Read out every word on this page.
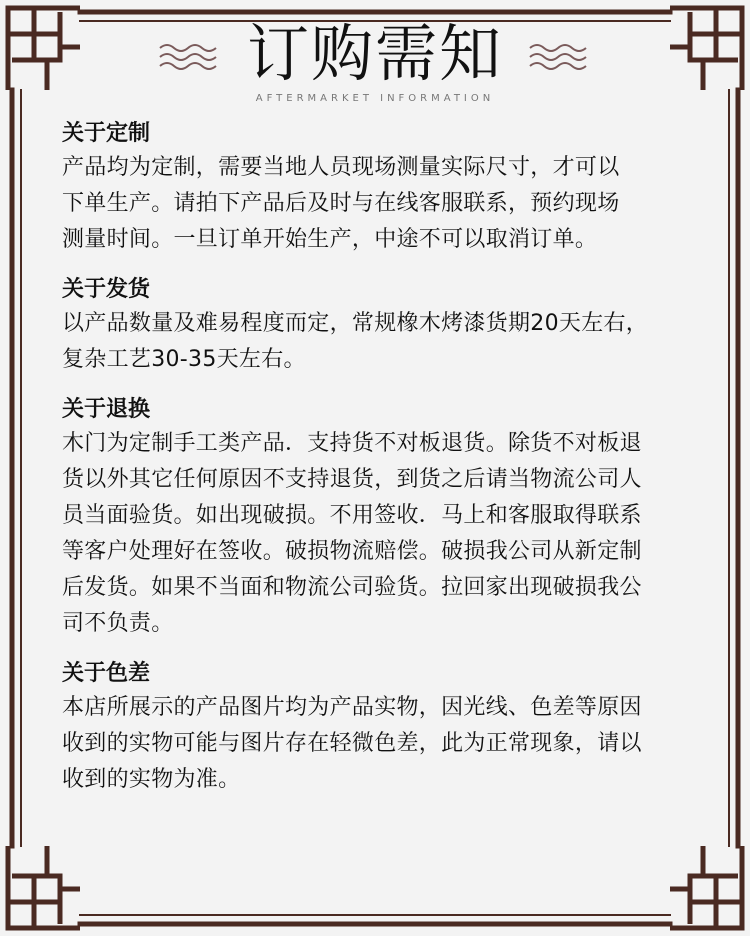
订购需知
AFTERMARKET INFORMATION
关于定制
产品均为定制，需要当地人员现场测量实际尺寸，才可以
下单生产。请拍下产品后及时与在线客服联系，预约现场
测量时间。一旦订单开始生产，中途不可以取消订单。
关于发货
以产品数量及难易程度而定，常规橡木烤漆货期20天左右，
复杂工艺30-35天左右。
关于退换
木门为定制手工类产品．支持货不对板退货。除货不对板退
货以外其它任何原因不支持退货，到货之后请当物流公司人
员当面验货。如出现破损。不用签收．马上和客服取得联系
等客户处理好在签收。破损物流赔偿。破损我公司从新定制
后发货。如果不当面和物流公司验货。拉回家出现破损我公
司不负责。
关于色差
本店所展示的产品图片均为产品实物，因光线、色差等原因
收到的实物可能与图片存在轻微色差，此为正常现象，请以
收到的实物为准。
